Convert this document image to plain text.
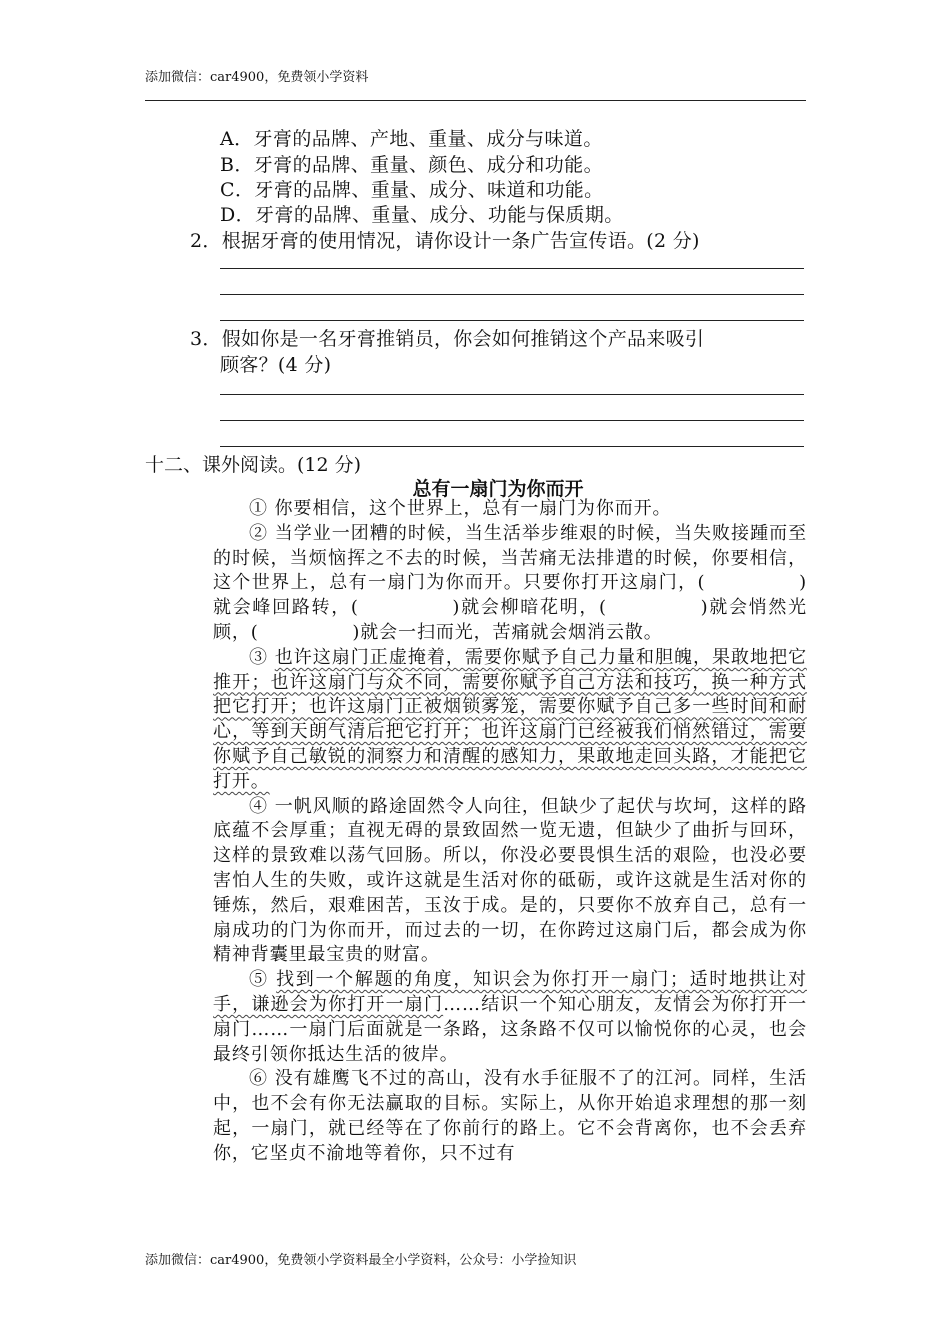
添加微信：car4900，免费领小学资料
A．牙膏的品牌、产地、重量、成分与味道。
B．牙膏的品牌、重量、颜色、成分和功能。
C．牙膏的品牌、重量、成分、味道和功能。
D．牙膏的品牌、重量、成分、功能与保质期。
2．根据牙膏的使用情况，请你设计一条广告宣传语。(2 分)
3．假如你是一名牙膏推销员，你会如何推销这个产品来吸引
顾客？(4 分)
十二、课外阅读。(12 分)
总有一扇门为你而开

① 你要相信，这个世界上，总有一扇门为你而开。

② 当学业一团糟的时候，当生活举步维艰的时候，当失败接踵而至的时候，当烦恼挥之不去的时候，当苦痛无法排遣的时候，你要相信，这个世界上，总有一扇门为你而开。只要你打开这扇门，(	)就会峰回路转，(	)就会柳暗花明，(	)就会悄然光顾，(	)就会一扫而光，苦痛就会烟消云散。

③ 也许这扇门正虚掩着，需要你赋予自己力量和胆魄，果敢地把它推开；也许这扇门与众不同，需要你赋予自己方法和技巧，换一种方式把它打开；也许这扇门正被烟锁雾笼，需要你赋予自己多一些时间和耐心，等到天朗气清后把它打开；也许这扇门已经被我们悄然错过，需要你赋予自己敏锐的洞察力和清醒的感知力，果敢地走回头路，才能把它打开。

④ 一帆风顺的路途固然令人向往，但缺少了起伏与坎坷，这样的路底蕴不会厚重；直视无碍的景致固然一览无遗，但缺少了曲折与回环，这样的景致难以荡气回肠。所以，你没必要畏惧生活的艰险，也没必要害怕人生的失败，或许这就是生活对你的砥砺，或许这就是生活对你的锤炼，然后，艰难困苦，玉汝于成。是的，只要你不放弃自己，总有一扇成功的门为你而开，而过去的一切，在你跨过这扇门后，都会成为你精神背囊里最宝贵的财富。

⑤ 找到一个解题的角度，知识会为你打开一扇门；适时地拱让对手，谦逊会为你打开一扇门……结识一个知心朋友，友情会为你打开一扇门……一扇门后面就是一条路，这条路不仅可以愉悦你的心灵，也会最终引领你抵达生活的彼岸。

⑥ 没有雄鹰飞不过的高山，没有水手征服不了的江河。同样，生活中，也不会有你无法赢取的目标。实际上，从你开始追求理想的那一刻起，一扇门，就已经等在了你前行的路上。它不会背离你，也不会丢弃你，它坚贞不渝地等着你，只不过有

添加微信：car4900，免费领小学资料最全小学资料，公众号：小学捡知识
